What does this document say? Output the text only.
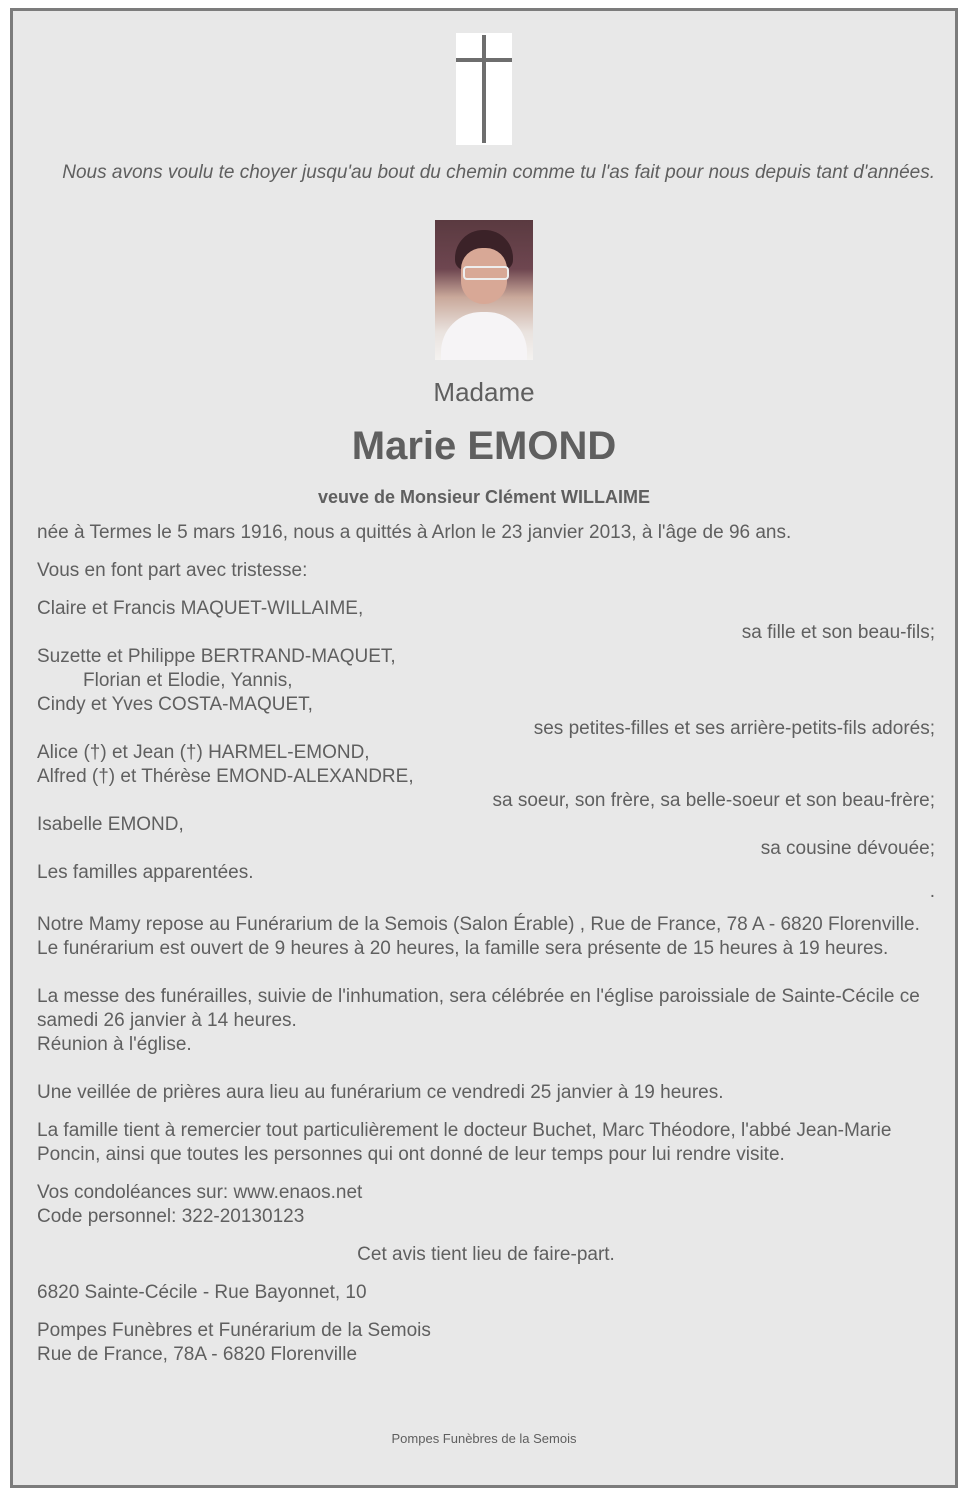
Nous avons voulu te choyer jusqu'au bout du chemin comme tu l'as fait pour nous depuis tant d'années.
Madame
Marie EMOND
veuve de Monsieur Clément WILLAIME
née à Termes le 5 mars 1916, nous a quittés à Arlon le 23 janvier 2013, à l'âge de 96 ans.
Vous en font part avec tristesse:
Claire et Francis MAQUET-WILLAIME,
sa fille et son beau-fils;
Suzette et Philippe BERTRAND-MAQUET,
Florian et Elodie, Yannis,
Cindy et Yves COSTA-MAQUET,
ses petites-filles et ses arrière-petits-fils adorés;
Alice (†) et Jean (†) HARMEL-EMOND,
Alfred (†) et Thérèse EMOND-ALEXANDRE,
sa soeur, son frère, sa belle-soeur et son beau-frère;
Isabelle EMOND,
sa cousine dévouée;
Les familles apparentées.
.
Notre Mamy repose au Funérarium de la Semois (Salon Érable) , Rue de France, 78 A - 6820 Florenville.
Le funérarium est ouvert de 9 heures à 20 heures, la famille sera présente de 15 heures à 19 heures.
La messe des funérailles, suivie de l'inhumation, sera célébrée en l'église paroissiale de Sainte-Cécile ce samedi 26 janvier à 14 heures.
Réunion à l'église.
Une veillée de prières aura lieu au funérarium ce vendredi 25 janvier à 19 heures.
La famille tient à remercier tout particulièrement le docteur Buchet, Marc Théodore, l'abbé Jean-Marie Poncin, ainsi que toutes les personnes qui ont donné de leur temps pour lui rendre visite.
Vos condoléances sur: www.enaos.net
Code personnel: 322-20130123
Cet avis tient lieu de faire-part.
6820 Sainte-Cécile - Rue Bayonnet, 10
Pompes Funèbres et Funérarium de la Semois
Rue de France, 78A - 6820 Florenville
Pompes Funèbres de la Semois
